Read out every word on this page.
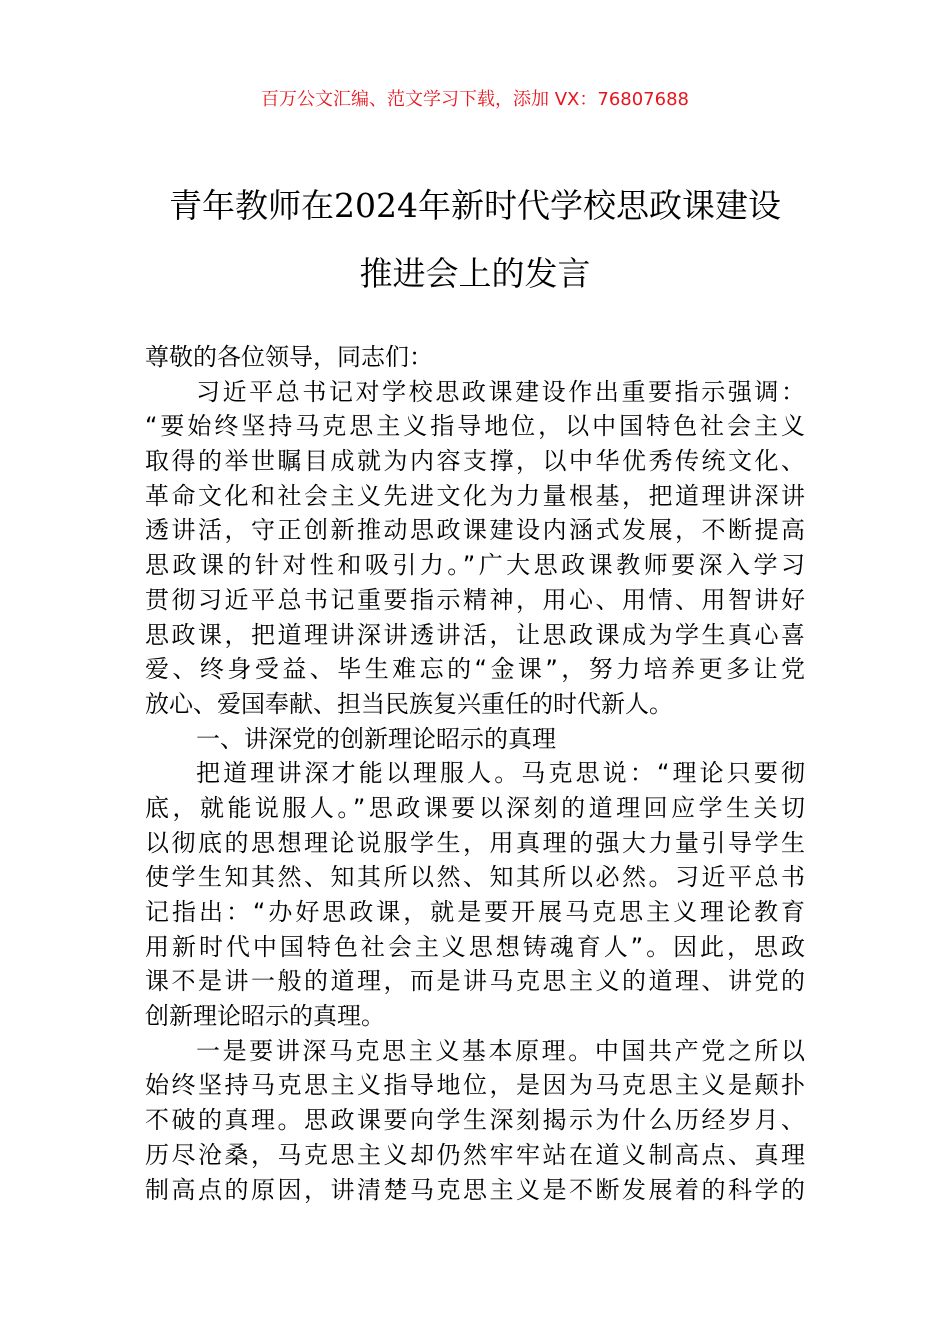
百万公文汇编、范文学习下载，添加 VX：76807688
青年教师在2024年新时代学校思政课建设
推进会上的发言
尊敬的各位领导，同志们：
习近平总书记对学校思政课建设作出重要指示强调：
“要始终坚持马克思主义指导地位，以中国特色社会主义
取得的举世瞩目成就为内容支撑，以中华优秀传统文化、
革命文化和社会主义先进文化为力量根基，把道理讲深讲
透讲活，守正创新推动思政课建设内涵式发展，不断提高
思政课的针对性和吸引力。”广大思政课教师要深入学习
贯彻习近平总书记重要指示精神，用心、用情、用智讲好
思政课，把道理讲深讲透讲活，让思政课成为学生真心喜
爱、终身受益、毕生难忘的“金课”，努力培养更多让党
放心、爱国奉献、担当民族复兴重任的时代新人。
一、讲深党的创新理论昭示的真理
把道理讲深才能以理服人。马克思说：“理论只要彻
底，就能说服人。”思政课要以深刻的道理回应学生关切
以彻底的思想理论说服学生，用真理的强大力量引导学生
使学生知其然、知其所以然、知其所以必然。习近平总书
记指出：“办好思政课，就是要开展马克思主义理论教育
用新时代中国特色社会主义思想铸魂育人”。因此，思政
课不是讲一般的道理，而是讲马克思主义的道理、讲党的
创新理论昭示的真理。
一是要讲深马克思主义基本原理。中国共产党之所以
始终坚持马克思主义指导地位，是因为马克思主义是颠扑
不破的真理。思政课要向学生深刻揭示为什么历经岁月、
历尽沧桑，马克思主义却仍然牢牢站在道义制高点、真理
制高点的原因，讲清楚马克思主义是不断发展着的科学的
